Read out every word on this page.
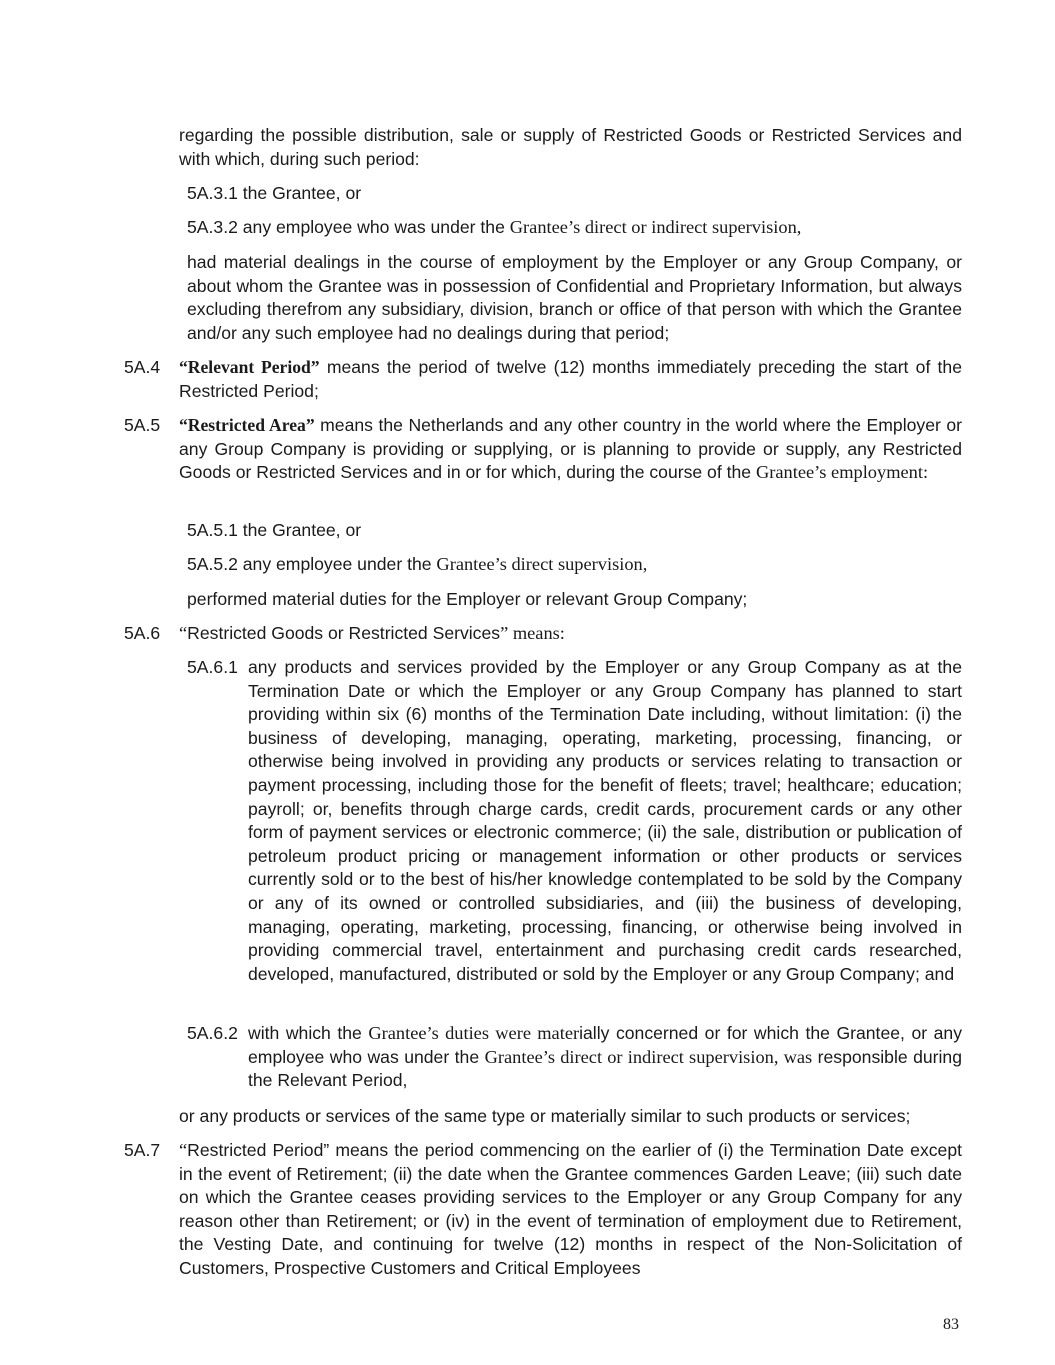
regarding the possible distribution, sale or supply of Restricted Goods or Restricted Services and with which, during such period:

5A.3.1 the Grantee, or

5A.3.2 any employee who was under the Grantee’s direct or indirect supervision,

had material dealings in the course of employment by the Employer or any Group Company, or about whom the Grantee was in possession of Confidential and Proprietary Information, but always excluding therefrom any subsidiary, division, branch or office of that person with which the Grantee and/or any such employee had no dealings during that period;

5A.4 “Relevant Period” means the period of twelve (12) months immediately preceding the start of the Restricted Period;

5A.5 “Restricted Area” means the Netherlands and any other country in the world where the Employer or any Group Company is providing or supplying, or is planning to provide or supply, any Restricted Goods or Restricted Services and in or for which, during the course of the Grantee’s employment:

5A.5.1 the Grantee, or

5A.5.2 any employee under the Grantee’s direct supervision,

performed material duties for the Employer or relevant Group Company;

5A.6 “Restricted Goods or Restricted Services” means:

5A.6.1 any products and services provided by the Employer or any Group Company as at the Termination Date or which the Employer or any Group Company has planned to start providing within six (6) months of the Termination Date including, without limitation: (i) the business of developing, managing, operating, marketing, processing, financing, or otherwise being involved in providing any products or services relating to transaction or payment processing, including those for the benefit of fleets; travel; healthcare; education; payroll; or, benefits through charge cards, credit cards, procurement cards or any other form of payment services or electronic commerce; (ii) the sale, distribution or publication of petroleum product pricing or management information or other products or services currently sold or to the best of his/her knowledge contemplated to be sold by the Company or any of its owned or controlled subsidiaries, and (iii) the business of developing, managing, operating, marketing, processing, financing, or otherwise being involved in providing commercial travel, entertainment and purchasing credit cards researched, developed, manufactured, distributed or sold by the Employer or any Group Company; and

5A.6.2 with which the Grantee’s duties were materially concerned or for which the Grantee, or any employee who was under the Grantee’s direct or indirect supervision, was responsible during the Relevant Period,

or any products or services of the same type or materially similar to such products or services;

5A.7 “Restricted Period” means the period commencing on the earlier of (i) the Termination Date except in the event of Retirement; (ii) the date when the Grantee commences Garden Leave; (iii) such date on which the Grantee ceases providing services to the Employer or any Group Company for any reason other than Retirement; or (iv) in the event of termination of employment due to Retirement, the Vesting Date, and continuing for twelve (12) months in respect of the Non-Solicitation of Customers, Prospective Customers and Critical Employees

83
